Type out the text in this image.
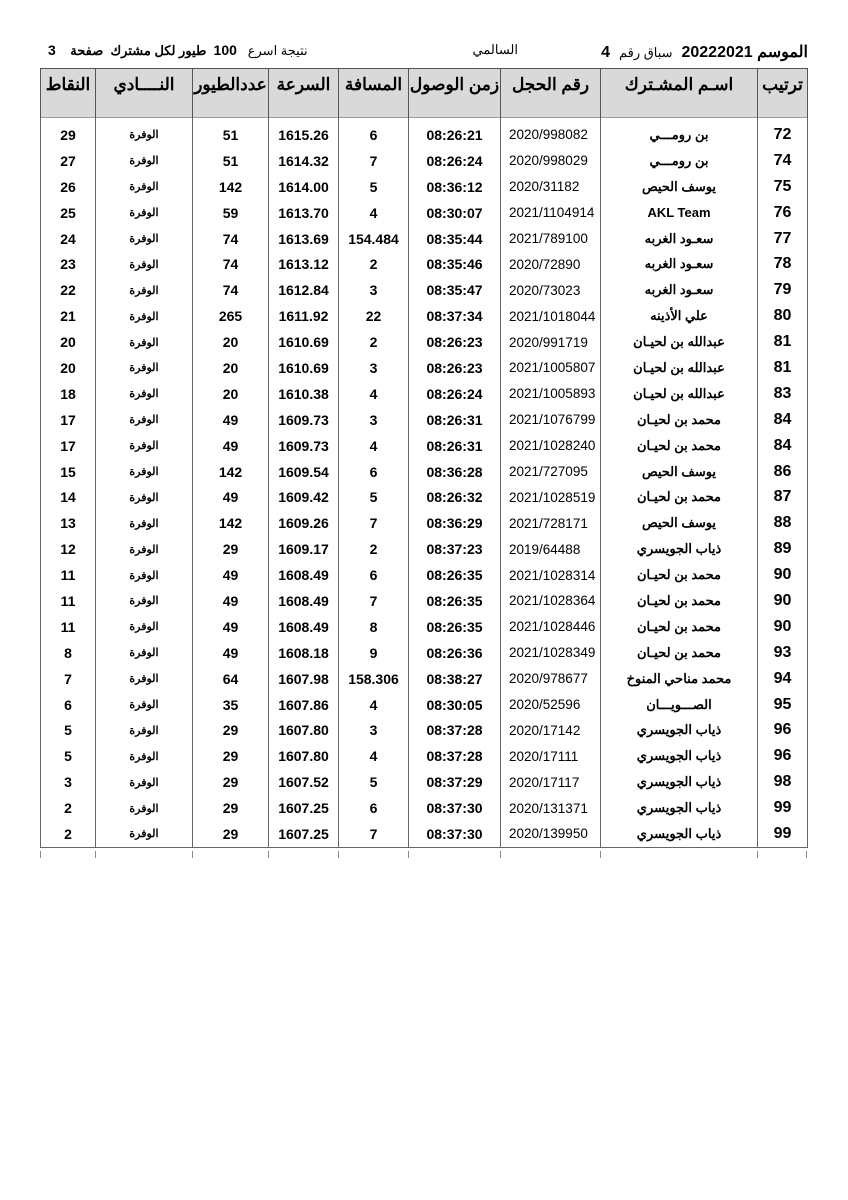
الموسم 20222021  سباق رقم  4
السالمي
نتيجة اسرع   100  طيور لكل مشترك  صفحة    3
ترتيب	اسـم المشـترك	رقم الحجل	زمن الوصول	المسافة	السرعة	عددالطيور	النــــادي	النقاط

72	بن رومـــي	2020/998082	08:26:21	6	1615.26	51	الوفرة	29
74	بن رومـــي	2020/998029	08:26:24	7	1614.32	51	الوفرة	27
75	يوسف الحيص	2020/31182	08:36:12	5	1614.00	142	الوفرة	26
76	AKL Team	2021/1104914	08:30:07	4	1613.70	59	الوفرة	25
77	سعـود الغربه	2021/789100	08:35:44	154.484	1613.69	74	الوفرة	24
78	سعـود الغربه	2020/72890	08:35:46	2	1613.12	74	الوفرة	23
79	سعـود الغربه	2020/73023	08:35:47	3	1612.84	74	الوفرة	22
80	علي الأذينه	2021/1018044	08:37:34	22	1611.92	265	الوفرة	21
81	عبدالله بن لحيـان	2020/991719	08:26:23	2	1610.69	20	الوفرة	20
81	عبدالله بن لحيـان	2021/1005807	08:26:23	3	1610.69	20	الوفرة	20
83	عبدالله بن لحيـان	2021/1005893	08:26:24	4	1610.38	20	الوفرة	18
84	محمد بن لحيـان	2021/1076799	08:26:31	3	1609.73	49	الوفرة	17
84	محمد بن لحيـان	2021/1028240	08:26:31	4	1609.73	49	الوفرة	17
86	يوسف الحيص	2021/727095	08:36:28	6	1609.54	142	الوفرة	15
87	محمد بن لحيـان	2021/1028519	08:26:32	5	1609.42	49	الوفرة	14
88	يوسف الحيص	2021/728171	08:36:29	7	1609.26	142	الوفرة	13
89	ذياب الجويسري	2019/64488	08:37:23	2	1609.17	29	الوفرة	12
90	محمد بن لحيـان	2021/1028314	08:26:35	6	1608.49	49	الوفرة	11
90	محمد بن لحيـان	2021/1028364	08:26:35	7	1608.49	49	الوفرة	11
90	محمد بن لحيـان	2021/1028446	08:26:35	8	1608.49	49	الوفرة	11
93	محمد بن لحيـان	2021/1028349	08:26:36	9	1608.18	49	الوفرة	8
94	محمد مناحي المنوخ	2020/978677	08:38:27	158.306	1607.98	64	الوفرة	7
95	الصـــويـــان	2020/52596	08:30:05	4	1607.86	35	الوفرة	6
96	ذياب الجويسري	2020/17142	08:37:28	3	1607.80	29	الوفرة	5
96	ذياب الجويسري	2020/17111	08:37:28	4	1607.80	29	الوفرة	5
98	ذياب الجويسري	2020/17117	08:37:29	5	1607.52	29	الوفرة	3
99	ذياب الجويسري	2020/131371	08:37:30	6	1607.25	29	الوفرة	2
99	ذياب الجويسري	2020/139950	08:37:30	7	1607.25	29	الوفرة	2
